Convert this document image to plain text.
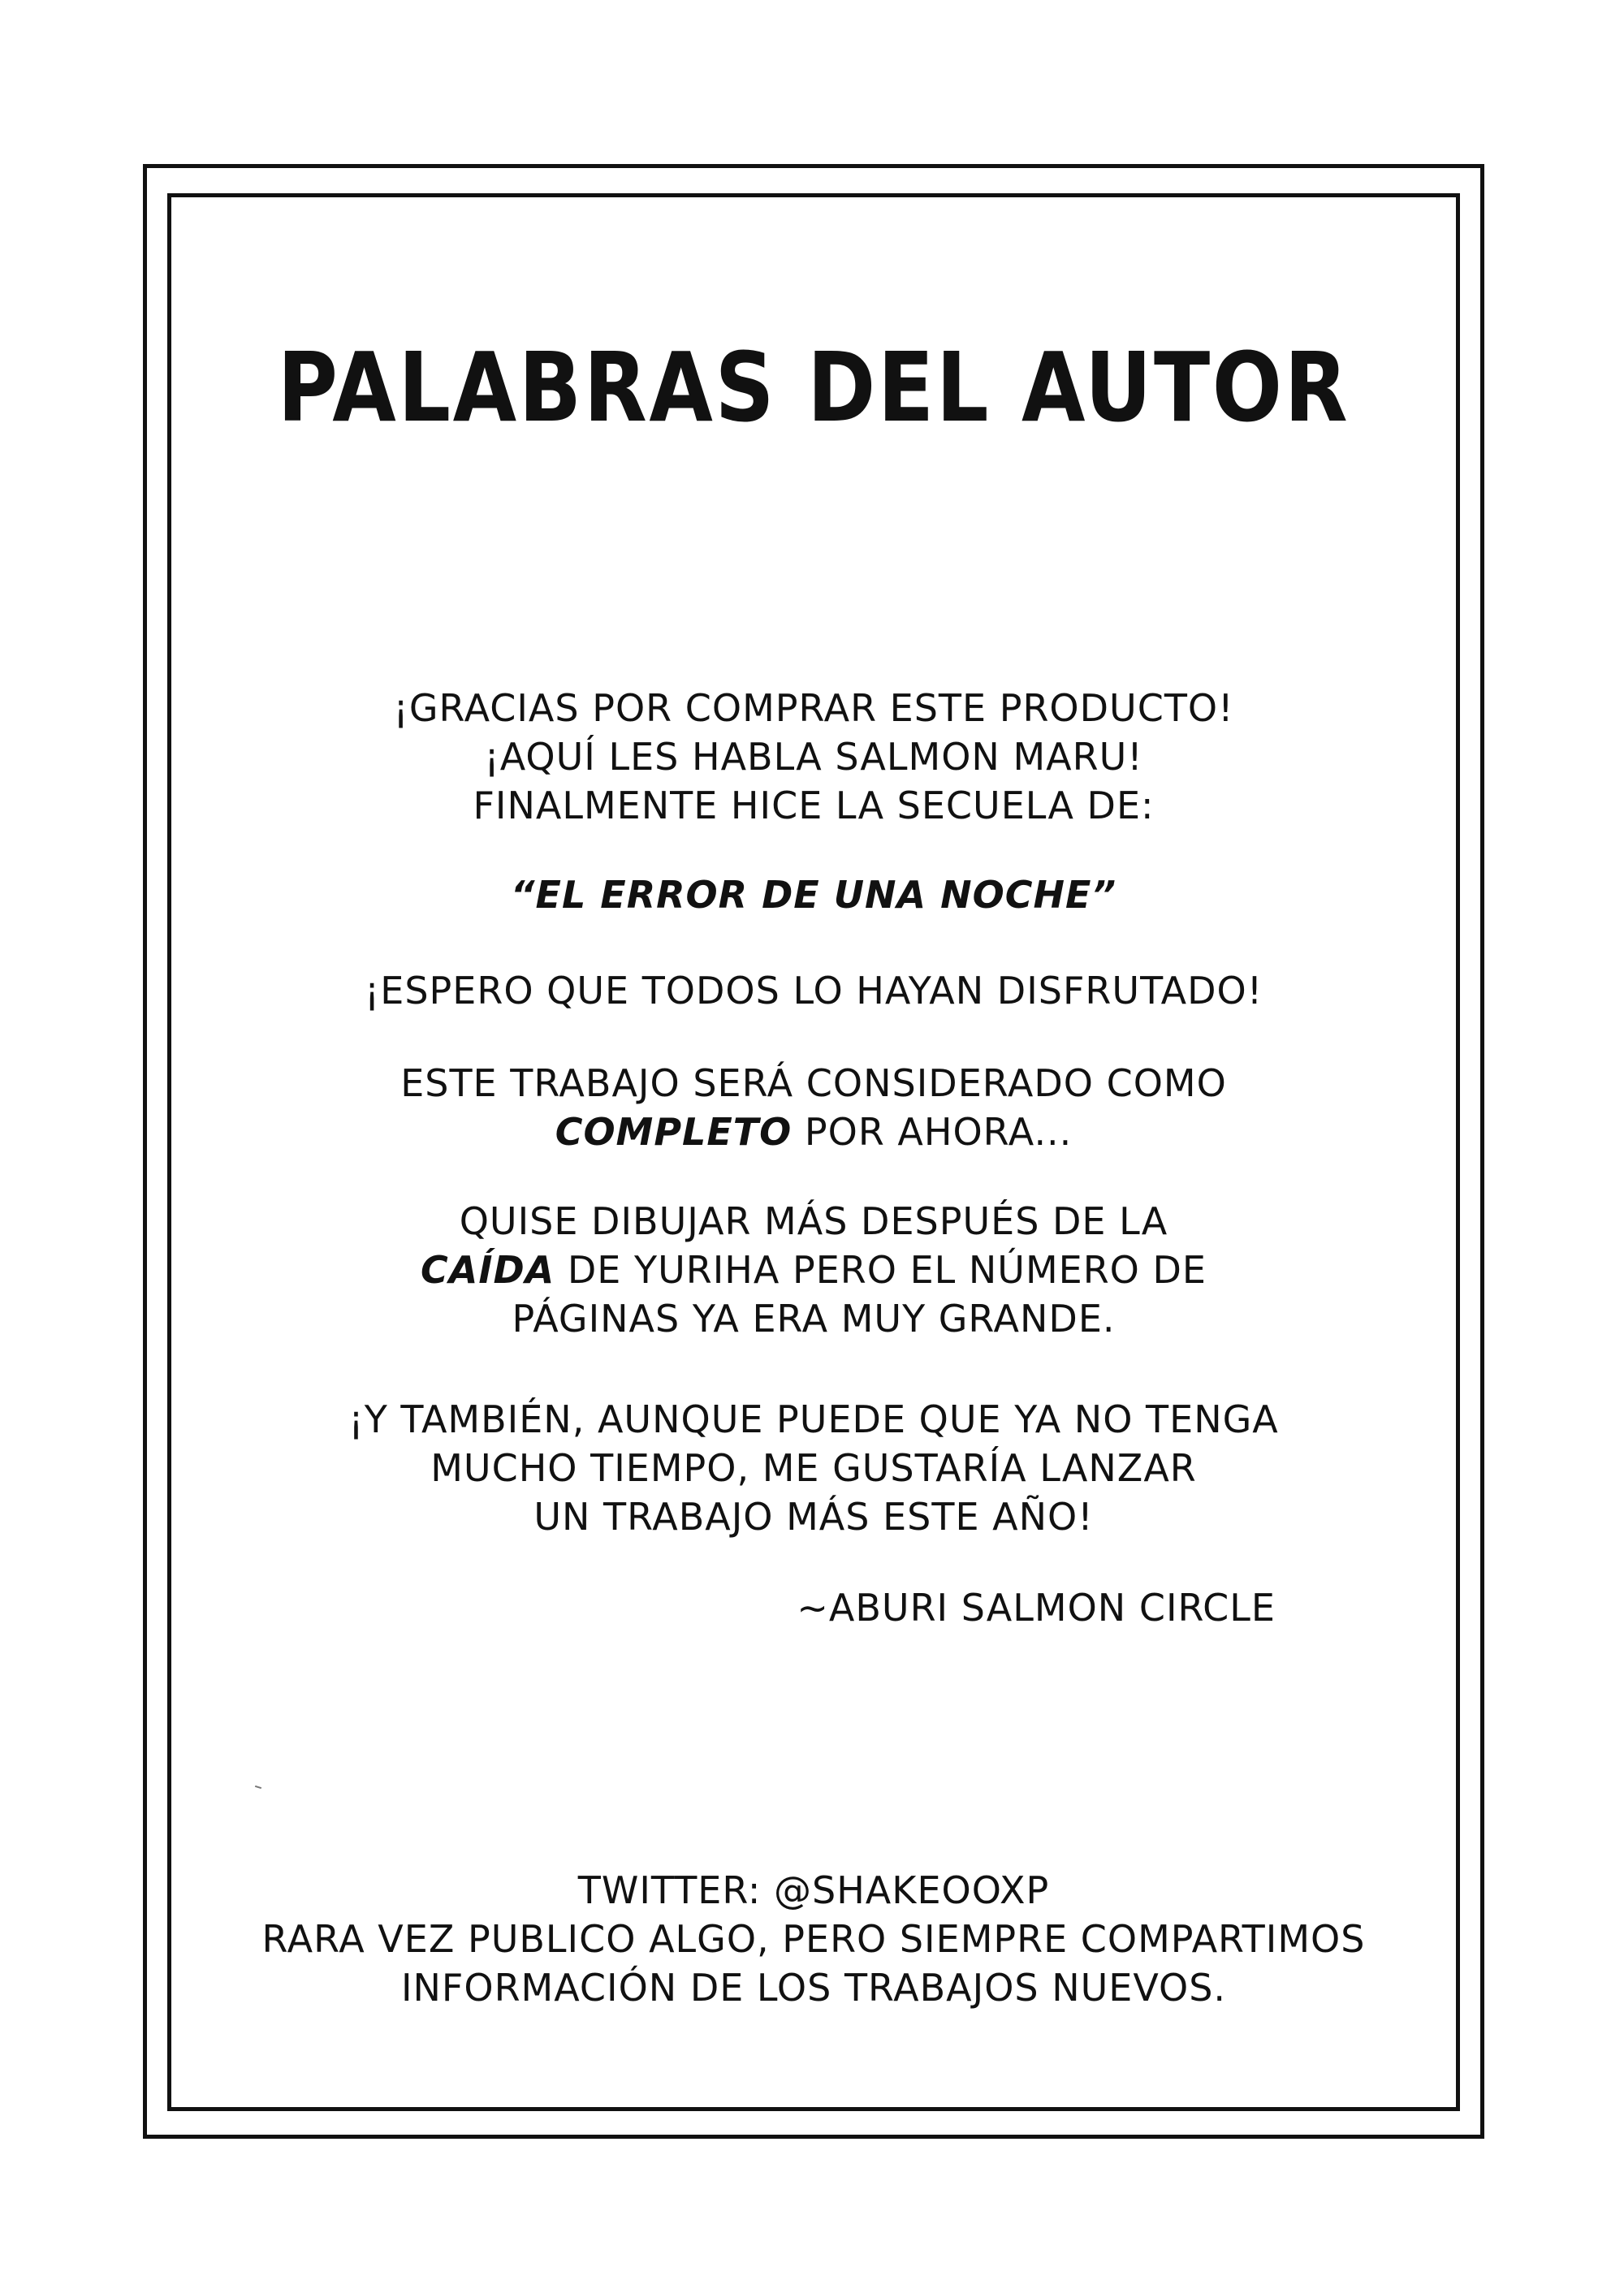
PALABRAS DEL AUTOR
¡GRACIAS POR COMPRAR ESTE PRODUCTO!
¡AQUÍ LES HABLA SALMON MARU!
FINALMENTE HICE LA SECUELA DE:
“EL ERROR DE UNA NOCHE”
¡ESPERO QUE TODOS LO HAYAN DISFRUTADO!
ESTE TRABAJO SERÁ CONSIDERADO COMO
COMPLETO POR AHORA...
QUISE DIBUJAR MÁS DESPUÉS DE LA
CAÍDA DE YURIHA PERO EL NÚMERO DE
PÁGINAS YA ERA MUY GRANDE.
¡Y TAMBIÉN, AUNQUE PUEDE QUE YA NO TENGA
MUCHO TIEMPO, ME GUSTARÍA LANZAR
UN TRABAJO MÁS ESTE AÑO!
~ABURI SALMON CIRCLE
TWITTER: @SHAKEOOXP
RARA VEZ PUBLICO ALGO, PERO SIEMPRE COMPARTIMOS
INFORMACIÓN DE LOS TRABAJOS NUEVOS.
